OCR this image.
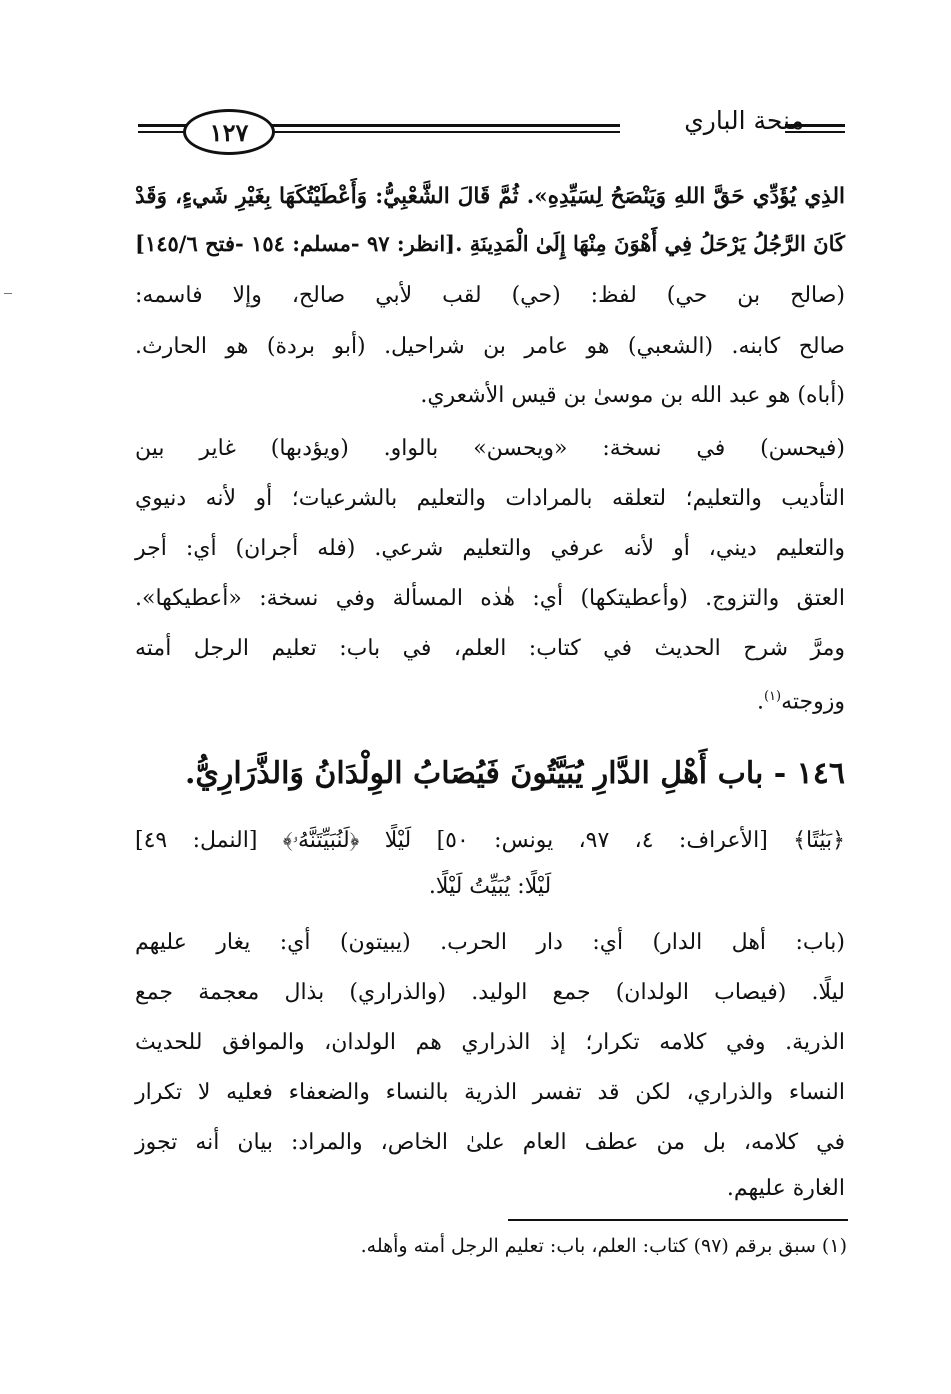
منحة الباري
١٢٧
الذِي يُؤَدِّي حَقَّ اللهِ وَيَنْصَحُ لِسَيِّدِهِ». ثُمَّ قَالَ الشَّعْبِيُّ: وَأَعْطَيْتُكَهَا بِغَيْرِ شَيءٍ، وَقَدْ
كَانَ الرَّجُلُ يَرْحَلُ فِي أَهْوَنَ مِنْهَا إِلَىٰ الْمَدِينَةِ .[انظر: ٩٧ -مسلم: ١٥٤ -فتح ١٤٥/٦]
(صالح بن حي) لفظ: (حي) لقب لأبي صالح، وإلا فاسمه:
صالح كابنه. (الشعبي) هو عامر بن شراحيل. (أبو بردة) هو الحارث.
(أباه) هو عبد الله بن موسىٰ بن قيس الأشعري.
(فيحسن) في نسخة: «ويحسن» بالواو. (ويؤدبها) غاير بين
التأديب والتعليم؛ لتعلقه بالمرادات والتعليم بالشرعيات؛ أو لأنه دنيوي
والتعليم ديني، أو لأنه عرفي والتعليم شرعي. (فله أجران) أي: أجر
العتق والتزوج. (وأعطيتكها) أي: هٰذه المسألة وفي نسخة: «أعطيكها».
ومرَّ شرح الحديث في كتاب: العلم، في باب: تعليم الرجل أمته
وزوجته$^{(١)}$.
١٤٦ - باب أَهْلِ الدَّارِ يُبَيَّتُونَ فَيُصَابُ الوِلْدَانُ وَالذَّرَارِيُّ.
﴿بَيَٰتًا﴾ [الأعراف: ٤، ٩٧، يونس: ٥٠] لَيْلًا ﴿لَنُبَيِّتَنَّهُۥ﴾ [النمل: ٤٩]
لَيْلًا: يُبَيِّتُ لَيْلًا.
(باب: أهل الدار) أي: دار الحرب. (يبيتون) أي: يغار عليهم
ليلًا. (فيصاب الولدان) جمع الوليد. (والذراري) بذال معجمة جمع
الذرية. وفي كلامه تكرار؛ إذ الذراري هم الولدان، والموافق للحديث
النساء والذراري، لكن قد تفسر الذرية بالنساء والضعفاء فعليه لا تكرار
في كلامه، بل من عطف العام علىٰ الخاص، والمراد: بيان أنه تجوز
الغارة عليهم.
(١) سبق برقم (٩٧) كتاب: العلم، باب: تعليم الرجل أمته وأهله.
